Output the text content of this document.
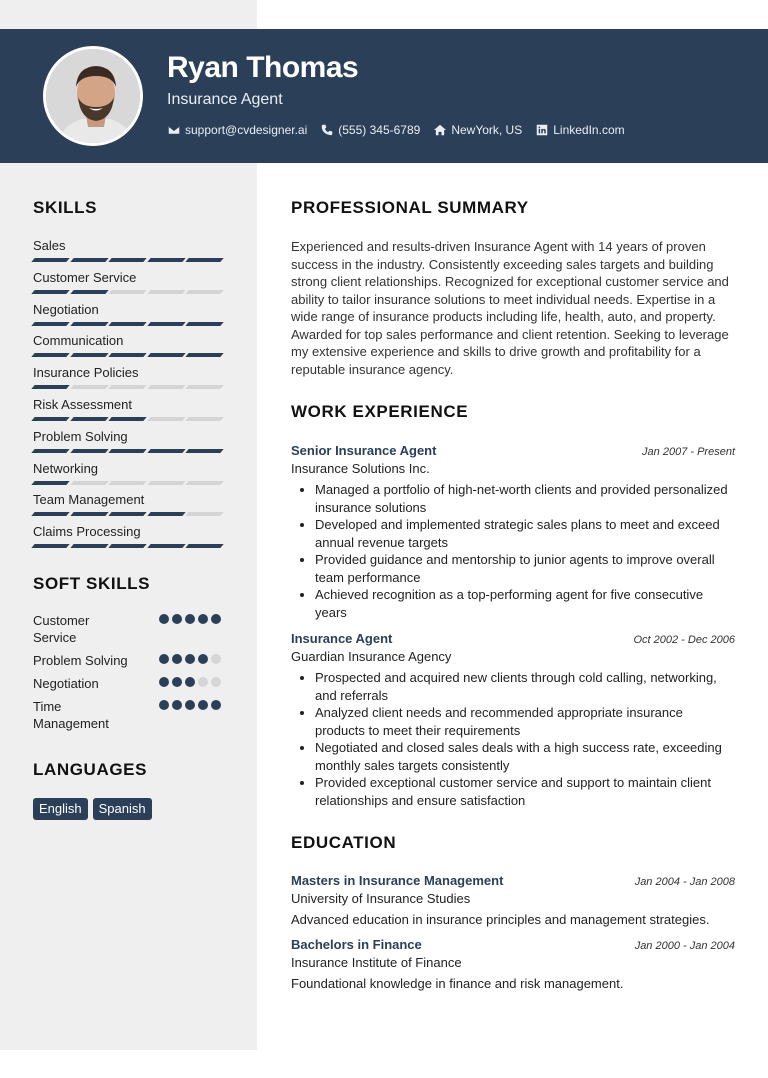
Ryan Thomas
Insurance Agent
support@cvdesigner.ai	(555) 345-6789	NewYork, US	LinkedIn.com
SKILLS
Sales
Customer Service
Negotiation
Communication
Insurance Policies
Risk Assessment
Problem Solving
Networking
Team Management
Claims Processing
SOFT SKILLS
Customer Service
Problem Solving
Negotiation
Time Management
LANGUAGES
English	Spanish
PROFESSIONAL SUMMARY

Experienced and results-driven Insurance Agent with 14 years of proven success in the industry. Consistently exceeding sales targets and building strong client relationships. Recognized for exceptional customer service and ability to tailor insurance solutions to meet individual needs. Expertise in a wide range of insurance products including life, health, auto, and property. Awarded for top sales performance and client retention. Seeking to leverage my extensive experience and skills to drive growth and profitability for a reputable insurance agency.

WORK EXPERIENCE
Senior Insurance Agent	Jan 2007 - Present
Insurance Solutions Inc.
• Managed a portfolio of high-net-worth clients and provided personalized insurance solutions
• Developed and implemented strategic sales plans to meet and exceed annual revenue targets
• Provided guidance and mentorship to junior agents to improve overall team performance
• Achieved recognition as a top-performing agent for five consecutive years
Insurance Agent	Oct 2002 - Dec 2006
Guardian Insurance Agency
• Prospected and acquired new clients through cold calling, networking, and referrals
• Analyzed client needs and recommended appropriate insurance products to meet their requirements
• Negotiated and closed sales deals with a high success rate, exceeding monthly sales targets consistently
• Provided exceptional customer service and support to maintain client relationships and ensure satisfaction
EDUCATION
Masters in Insurance Management	Jan 2004 - Jan 2008
University of Insurance Studies
Advanced education in insurance principles and management strategies.
Bachelors in Finance	Jan 2000 - Jan 2004
Insurance Institute of Finance
Foundational knowledge in finance and risk management.
